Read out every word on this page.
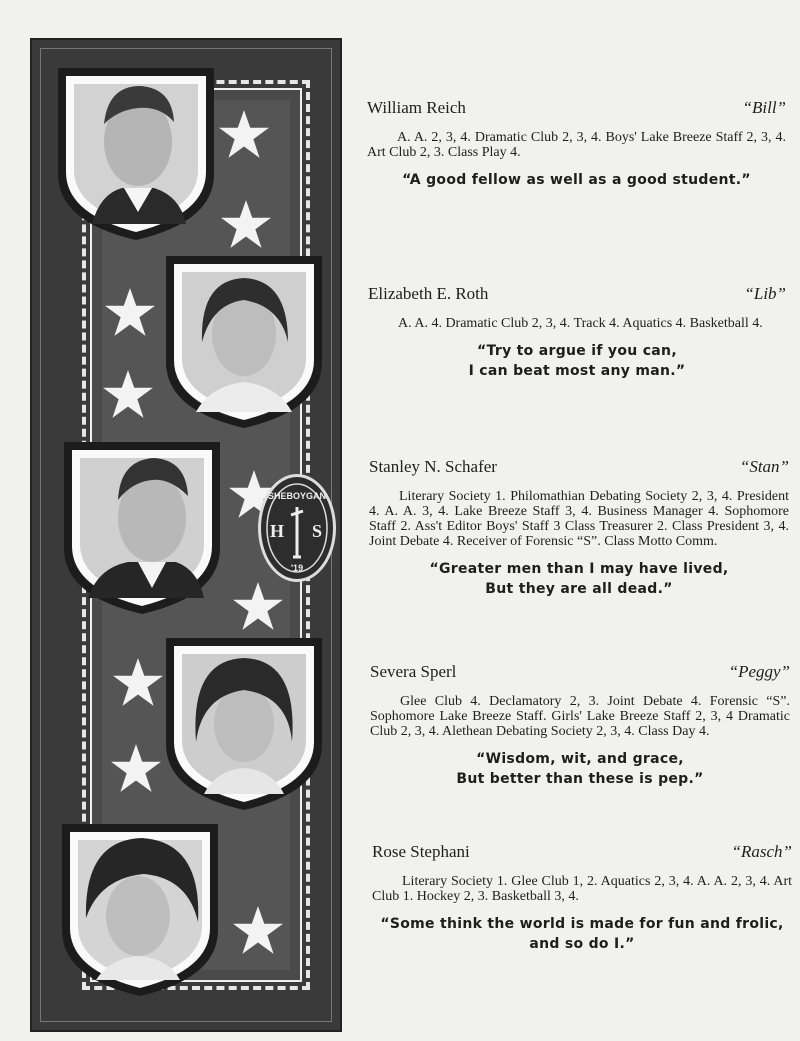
SHEBOYGAN
H S
'19
William Reich	“Bill”
A. A. 2, 3, 4. Dramatic Club 2, 3, 4. Boys' Lake Breeze Staff 2, 3, 4. Art Club 2, 3. Class Play 4.
“A good fellow as well as a good student.”
Elizabeth E. Roth	“Lib”
A. A. 4. Dramatic Club 2, 3, 4. Track 4. Aquatics 4. Basketball 4.
“Try to argue if you can,
I can beat most any man.”
Stanley N. Schafer	“Stan”
Literary Society 1. Philomathian Debating Society 2, 3, 4. President 4. A. A. 3, 4. Lake Breeze Staff 3, 4. Business Manager 4. Sophomore Staff 2. Ass't Editor Boys' Staff 3 Class Treasurer 2. Class President 3, 4. Joint Debate 4. Receiver of Forensic “S”. Class Motto Comm.
“Greater men than I may have lived,
But they are all dead.”
Severa Sperl	“Peggy”
Glee Club 4. Declamatory 2, 3. Joint Debate 4. Forensic “S”. Sophomore Lake Breeze Staff. Girls' Lake Breeze Staff 2, 3, 4 Dramatic Club 2, 3, 4. Alethean Debating Society 2, 3, 4. Class Day 4.
“Wisdom, wit, and grace,
But better than these is pep.”
Rose Stephani	“Rasch”
Literary Society 1. Glee Club 1, 2. Aquatics 2, 3, 4. A. A. 2, 3, 4. Art Club 1. Hockey 2, 3. Basketball 3, 4.
“Some think the world is made for fun and frolic, and so do I.”
